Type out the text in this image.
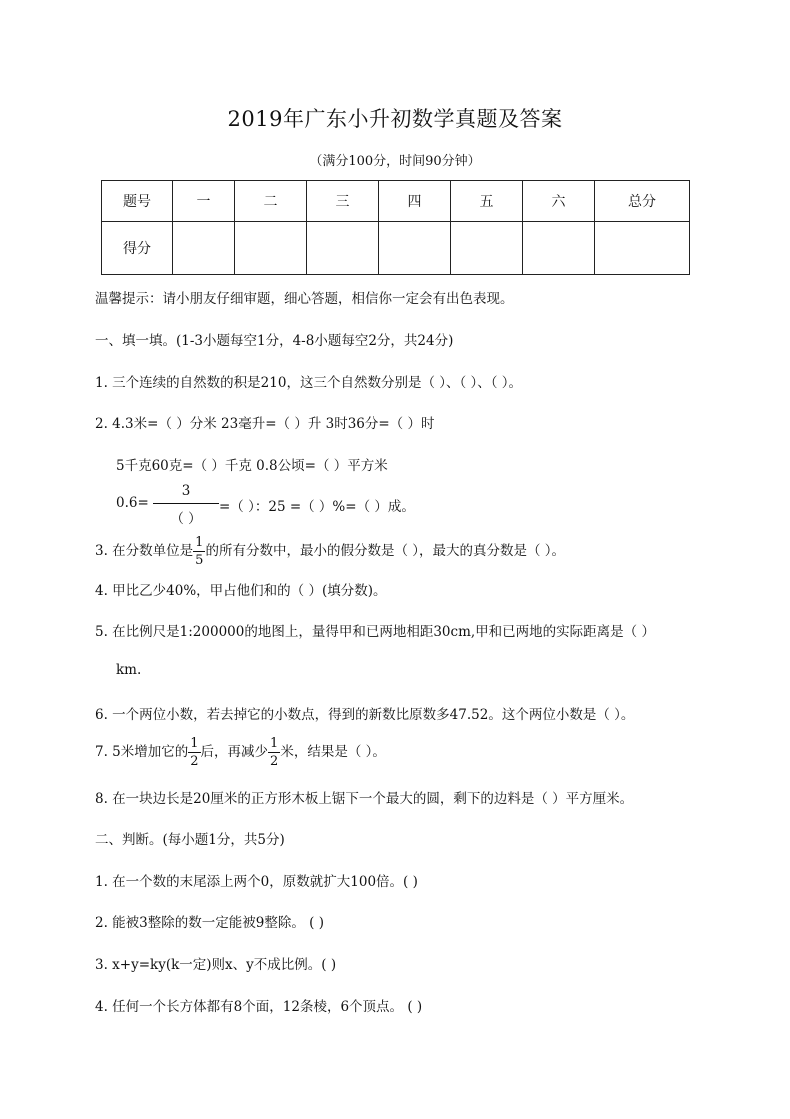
2019年广东小升初数学真题及答案
（满分100分，时间90分钟）
题号	一	二	三	四	五	六	总分
得分							
温馨提示：请小朋友仔细审题，细心答题，相信你一定会有出色表现。
一、填一填。(1-3小题每空1分，4-8小题每空2分，共24分)
1. 三个连续的自然数的积是210，这三个自然数分别是（ ）、（ ）、（ ）。
2. 4.3米=（ ）分米 23毫升=（ ）升 3时36分=（ ）时
5千克60克=（ ）千克 0.8公顷=（ ）平方米
0.6=
3
（ ）
=（ ）：25 =（ ）%=（ ）成。
3. 在分数单位是 $\frac{1}{5}$ 的所有分数中，最小的假分数是（ ），最大的真分数是（ ）。
4. 甲比乙少40%，甲占他们和的（ ）(填分数)。
5. 在比例尺是1:200000的地图上，量得甲和已两地相距30cm,甲和已两地的实际距离是（ ）
km.
6. 一个两位小数，若去掉它的小数点，得到的新数比原数多47.52。这个两位小数是（ ）。
7. 5米增加它的 $\frac{1}{2}$ 后，再减少 $\frac{1}{2}$ 米，结果是（ ）。
8. 在一块边长是20厘米的正方形木板上锯下一个最大的圆，剩下的边料是（ ）平方厘米。
二、判断。(每小题1分，共5分)
1. 在一个数的末尾添上两个0，原数就扩大100倍。( )
2. 能被3整除的数一定能被9整除。 ( )
3. x+y=ky(k一定)则x、y不成比例。( )
4. 任何一个长方体都有8个面，12条棱，6个顶点。 ( )
